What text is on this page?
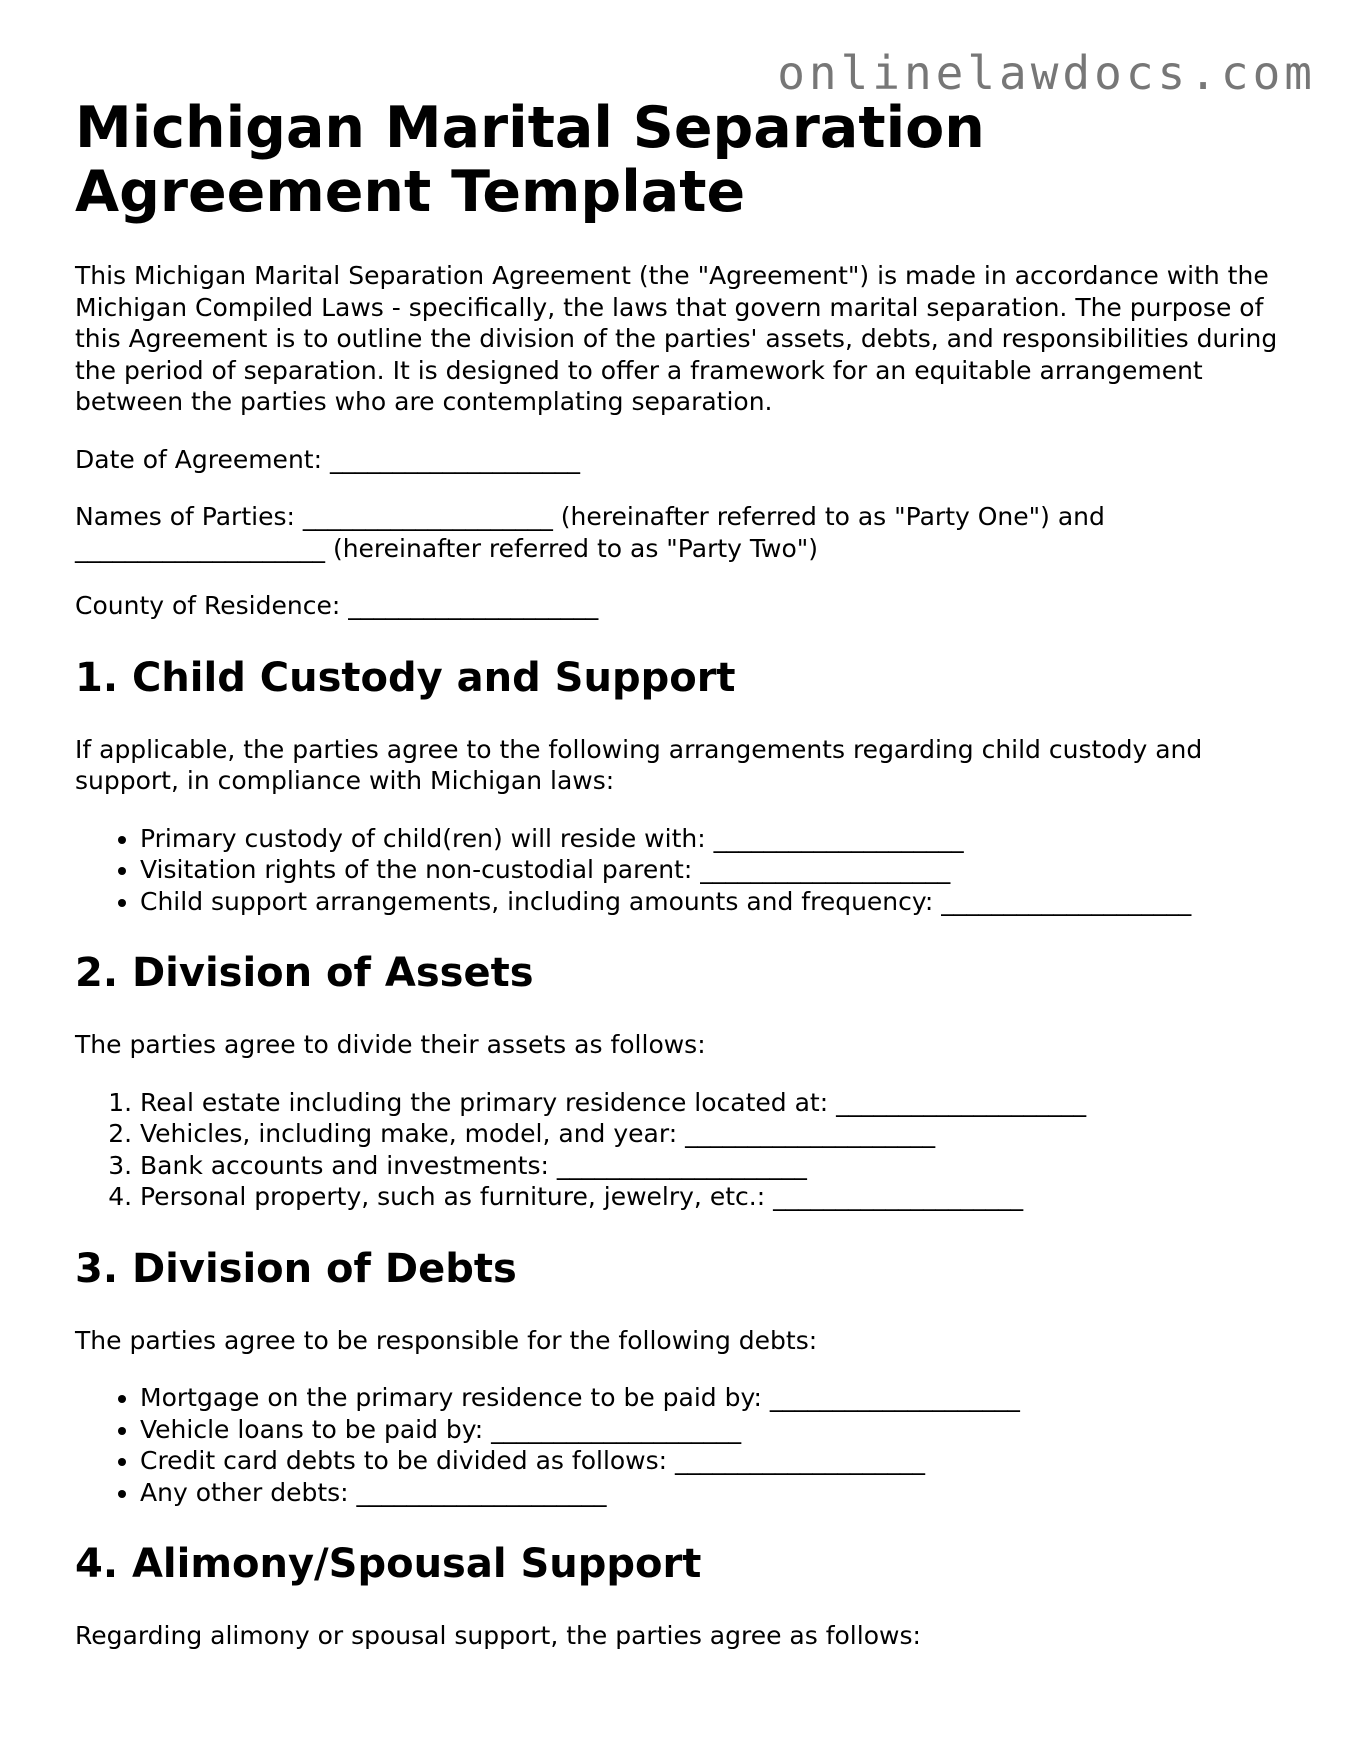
onlinelawdocs.com
Michigan Marital Separation Agreement Template

This Michigan Marital Separation Agreement (the "Agreement") is made in accordance with the Michigan Compiled Laws - specifically, the laws that govern marital separation. The purpose of this Agreement is to outline the division of the parties' assets, debts, and responsibilities during the period of separation. It is designed to offer a framework for an equitable arrangement between the parties who are contemplating separation.

Date of Agreement: ____________________

Names of Parties: ____________________ (hereinafter referred to as "Party One") and
____________________ (hereinafter referred to as "Party Two")

County of Residence: ____________________

1. Child Custody and Support

If applicable, the parties agree to the following arrangements regarding child custody and support, in compliance with Michigan laws:

• Primary custody of child(ren) will reside with: ____________________
• Visitation rights of the non-custodial parent: ____________________
• Child support arrangements, including amounts and frequency: ____________________
2. Division of Assets

The parties agree to divide their assets as follows:

1. Real estate including the primary residence located at: ____________________
2. Vehicles, including make, model, and year: ____________________
3. Bank accounts and investments: ____________________
4. Personal property, such as furniture, jewelry, etc.: ____________________
3. Division of Debts

The parties agree to be responsible for the following debts:

• Mortgage on the primary residence to be paid by: ____________________
• Vehicle loans to be paid by: ____________________
• Credit card debts to be divided as follows: ____________________
• Any other debts: ____________________
4. Alimony/Spousal Support

Regarding alimony or spousal support, the parties agree as follows:
